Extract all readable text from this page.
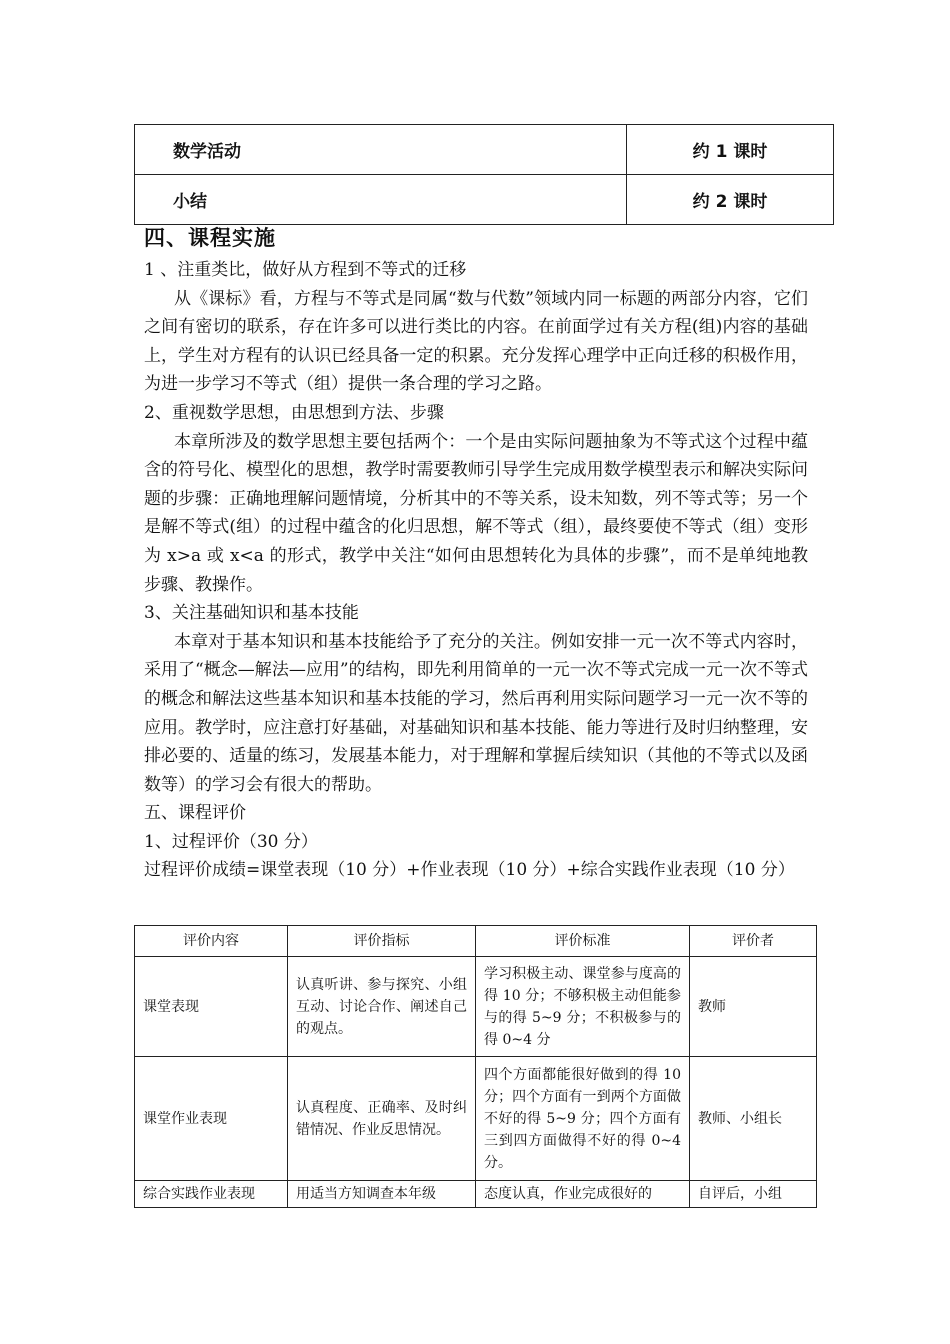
数学活动	约 1 课时
小结	约 2 课时
四、课程实施

1 、注重类比，做好从方程到不等式的迁移

从《课标》看，方程与不等式是同属“数与代数”领域内同一标题的两部分内容，它们之间有密切的联系，存在许多可以进行类比的内容。在前面学过有关方程(组)内容的基础上，学生对方程有的认识已经具备一定的积累。充分发挥心理学中正向迁移的积极作用，为进一步学习不等式（组）提供一条合理的学习之路。

2、重视数学思想，由思想到方法、步骤

本章所涉及的数学思想主要包括两个：一个是由实际问题抽象为不等式这个过程中蕴含的符号化、模型化的思想，教学时需要教师引导学生完成用数学模型表示和解决实际问题的步骤：正确地理解问题情境，分析其中的不等关系，设未知数，列不等式等；另一个是解不等式(组）的过程中蕴含的化归思想，解不等式（组），最终要使不等式（组）变形为 x>a 或 x<a 的形式，教学中关注“如何由思想转化为具体的步骤”，而不是单纯地教步骤、教操作。

3、关注基础知识和基本技能

本章对于基本知识和基本技能给予了充分的关注。例如安排一元一次不等式内容时，采用了“概念—解法—应用”的结构，即先利用简单的一元一次不等式完成一元一次不等式的概念和解法这些基本知识和基本技能的学习，然后再利用实际问题学习一元一次不等的应用。教学时，应注意打好基础，对基础知识和基本技能、能力等进行及时归纳整理，安排必要的、适量的练习，发展基本能力，对于理解和掌握后续知识（其他的不等式以及函数等）的学习会有很大的帮助。

五、课程评价

1、过程评价（30 分）

过程评价成绩=课堂表现（10 分）+作业表现（10 分）+综合实践作业表现（10 分）

评价内容	评价指标	评价标准	评价者
课堂表现	认真听讲、参与探究、小组互动、讨论合作、阐述自己的观点。	学习积极主动、课堂参与度高的得 10 分；不够积极主动但能参与的得 5~9 分；不积极参与的得 0~4 分	教师
课堂作业表现	认真程度、正确率、及时纠错情况、作业反思情况。	四个方面都能很好做到的得 10 分；四个方面有一到两个方面做不好的得 5~9 分；四个方面有三到四方面做得不好的得 0~4 分。	教师、小组长
综合实践作业表现	用适当方知调查本年级	态度认真，作业完成很好的	自评后，小组
